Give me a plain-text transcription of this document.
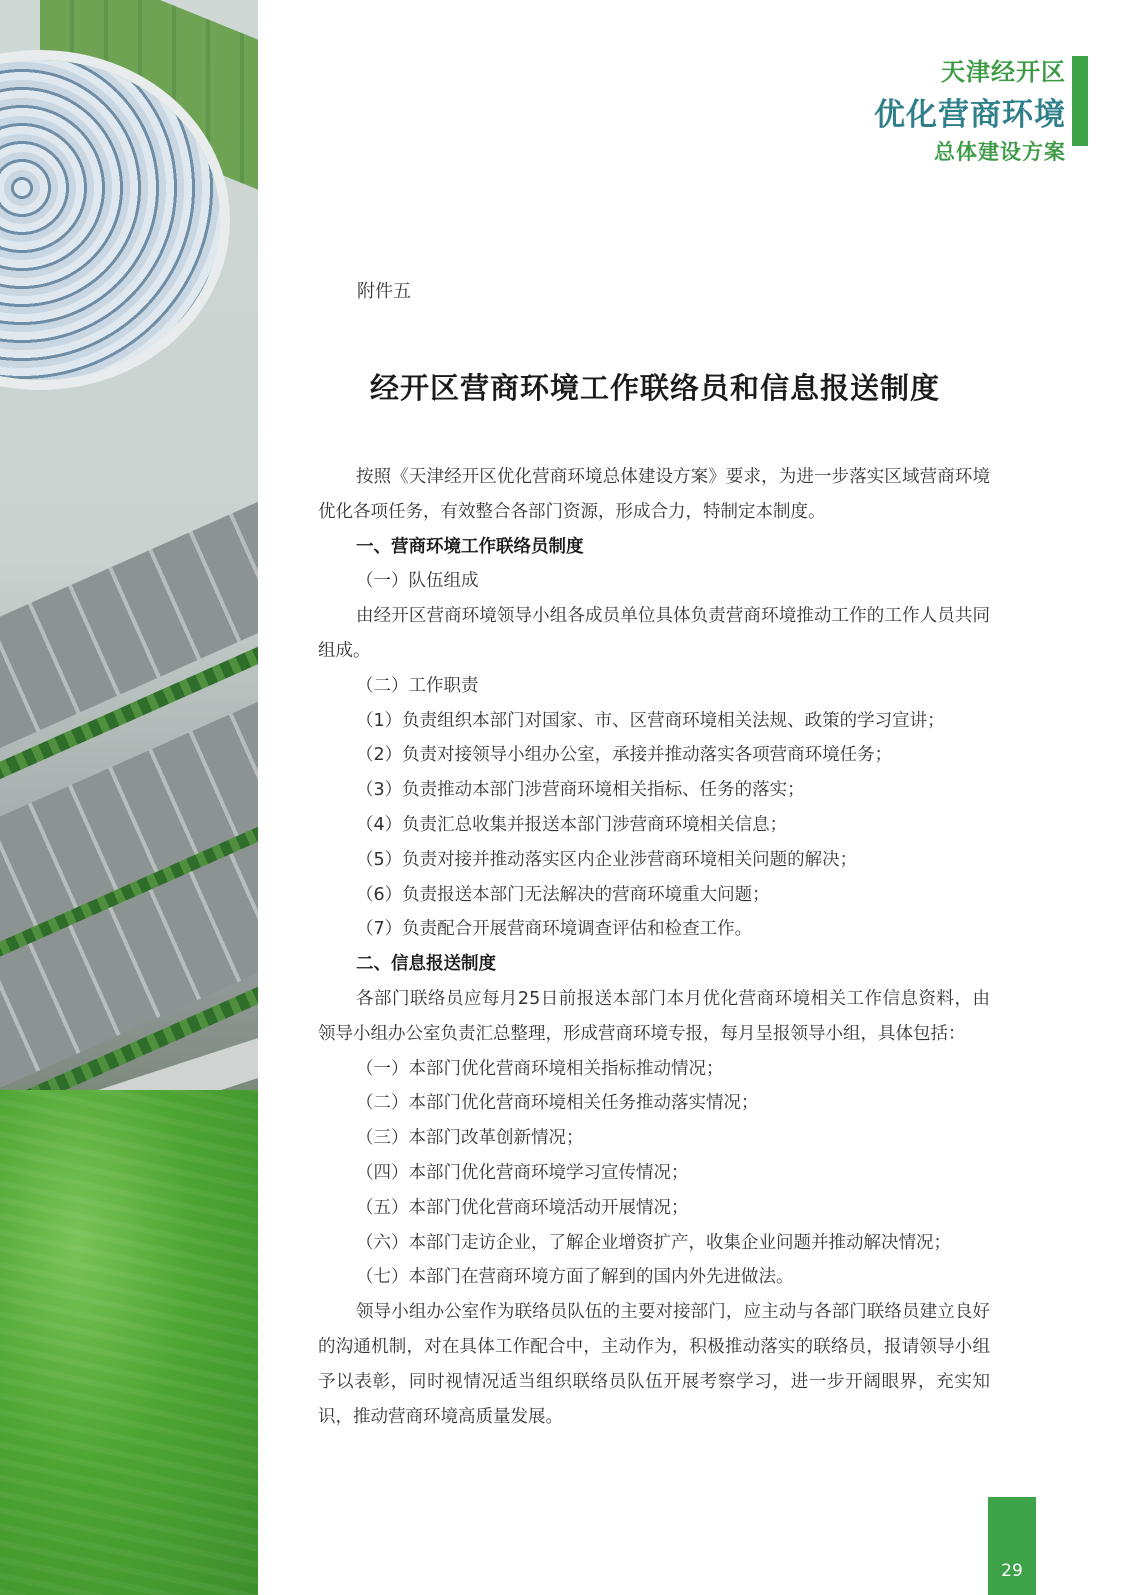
天津经开区
优化营商环境
总体建设方案
附件五
经开区营商环境工作联络员和信息报送制度

按照《天津经开区优化营商环境总体建设方案》要求，为进一步落实区域营商环境优化各项任务，有效整合各部门资源，形成合力，特制定本制度。

一、营商环境工作联络员制度

（一）队伍组成

由经开区营商环境领导小组各成员单位具体负责营商环境推动工作的工作人员共同组成。

（二）工作职责

（1）负责组织本部门对国家、市、区营商环境相关法规、政策的学习宣讲；

（2）负责对接领导小组办公室，承接并推动落实各项营商环境任务；

（3）负责推动本部门涉营商环境相关指标、任务的落实；

（4）负责汇总收集并报送本部门涉营商环境相关信息；

（5）负责对接并推动落实区内企业涉营商环境相关问题的解决；

（6）负责报送本部门无法解决的营商环境重大问题；

（7）负责配合开展营商环境调查评估和检查工作。

二、信息报送制度

各部门联络员应每月25日前报送本部门本月优化营商环境相关工作信息资料，由领导小组办公室负责汇总整理，形成营商环境专报，每月呈报领导小组，具体包括：

（一）本部门优化营商环境相关指标推动情况；

（二）本部门优化营商环境相关任务推动落实情况；

（三）本部门改革创新情况；

（四）本部门优化营商环境学习宣传情况；

（五）本部门优化营商环境活动开展情况；

（六）本部门走访企业，了解企业增资扩产，收集企业问题并推动解决情况；

（七）本部门在营商环境方面了解到的国内外先进做法。

领导小组办公室作为联络员队伍的主要对接部门，应主动与各部门联络员建立良好的沟通机制，对在具体工作配合中，主动作为，积极推动落实的联络员，报请领导小组予以表彰，同时视情况适当组织联络员队伍开展考察学习，进一步开阔眼界，充实知识，推动营商环境高质量发展。

29
